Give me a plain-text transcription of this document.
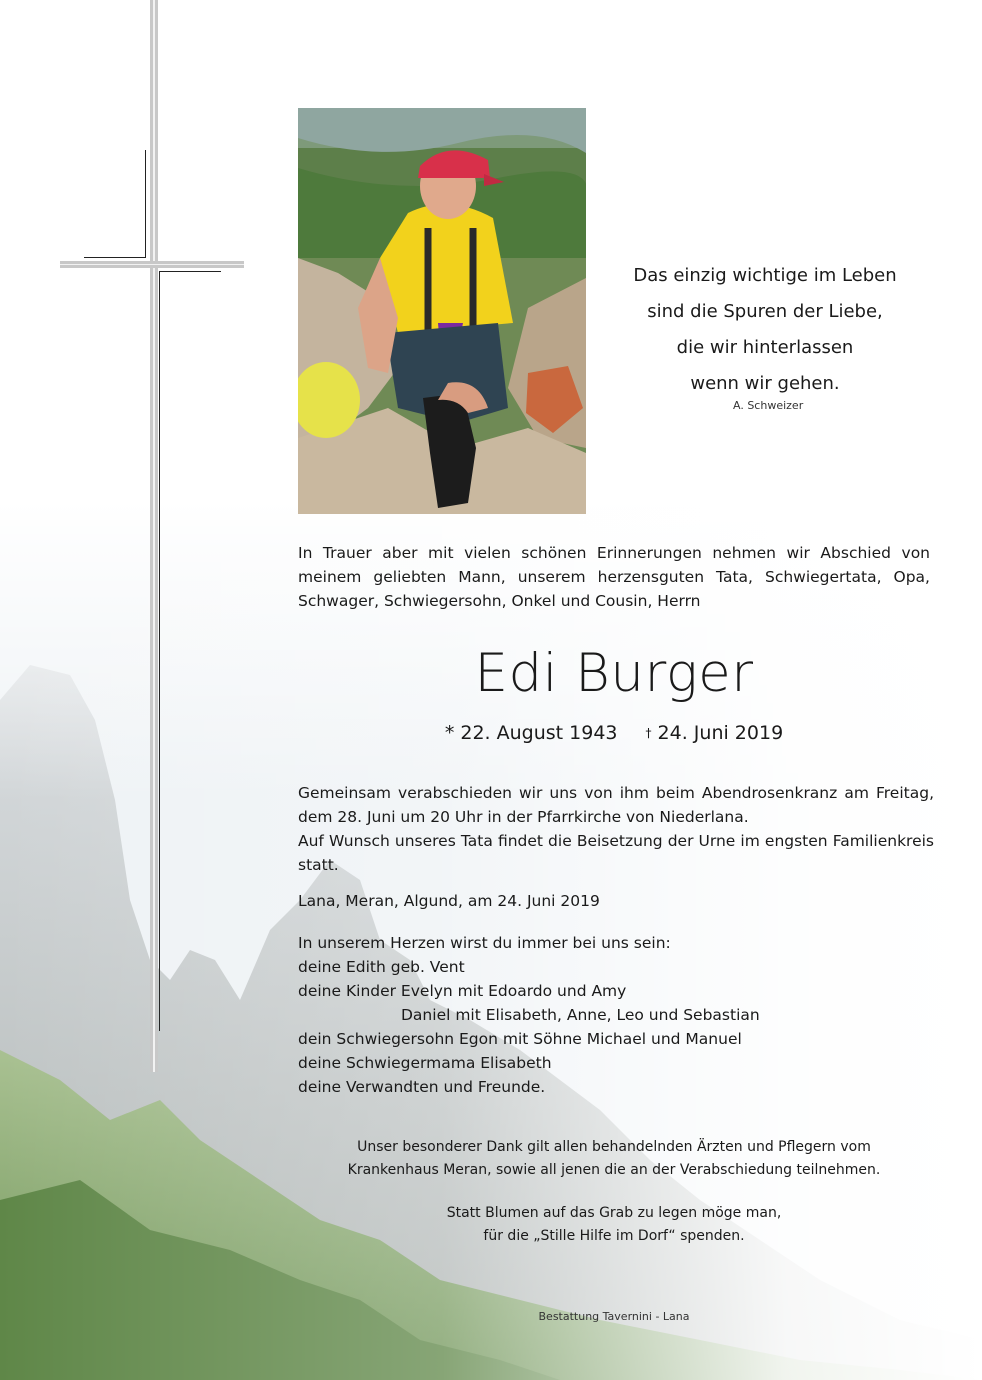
Das einzig wichtige im Leben
sind die Spuren der Liebe,
die wir hinterlassen
wenn wir gehen.
A. Schweizer
In Trauer aber mit vielen schönen Erinnerungen nehmen wir Abschied von meinem geliebten Mann, unserem herzensguten Tata, Schwiegertata, Opa, Schwager, Schwiegersohn, Onkel und Cousin, Herrn
Edi Burger
* 22. August 1943 † 24. Juni 2019

Gemeinsam verabschieden wir uns von ihm beim Abendrosenkranz am Freitag, dem 28. Juni um 20 Uhr in der Pfarrkirche von Niederlana.

Auf Wunsch unseres Tata findet die Beisetzung der Urne im engsten Familienkreis statt.

Lana, Meran, Algund, am 24. Juni 2019

In unserem Herzen wirst du immer bei uns sein:

deine Edith geb. Vent

deine Kinder Evelyn mit Edoardo und Amy

Daniel mit Elisabeth, Anne, Leo und Sebastian

dein Schwiegersohn Egon mit Söhne Michael und Manuel

deine Schwiegermama Elisabeth

deine Verwandten und Freunde.

Unser besonderer Dank gilt allen behandelnden Ärzten und Pflegern vom
Krankenhaus Meran, sowie all jenen die an der Verabschiedung teilnehmen.
Statt Blumen auf das Grab zu legen möge man,
für die „Stille Hilfe im Dorf“ spenden.
Bestattung Tavernini - Lana
